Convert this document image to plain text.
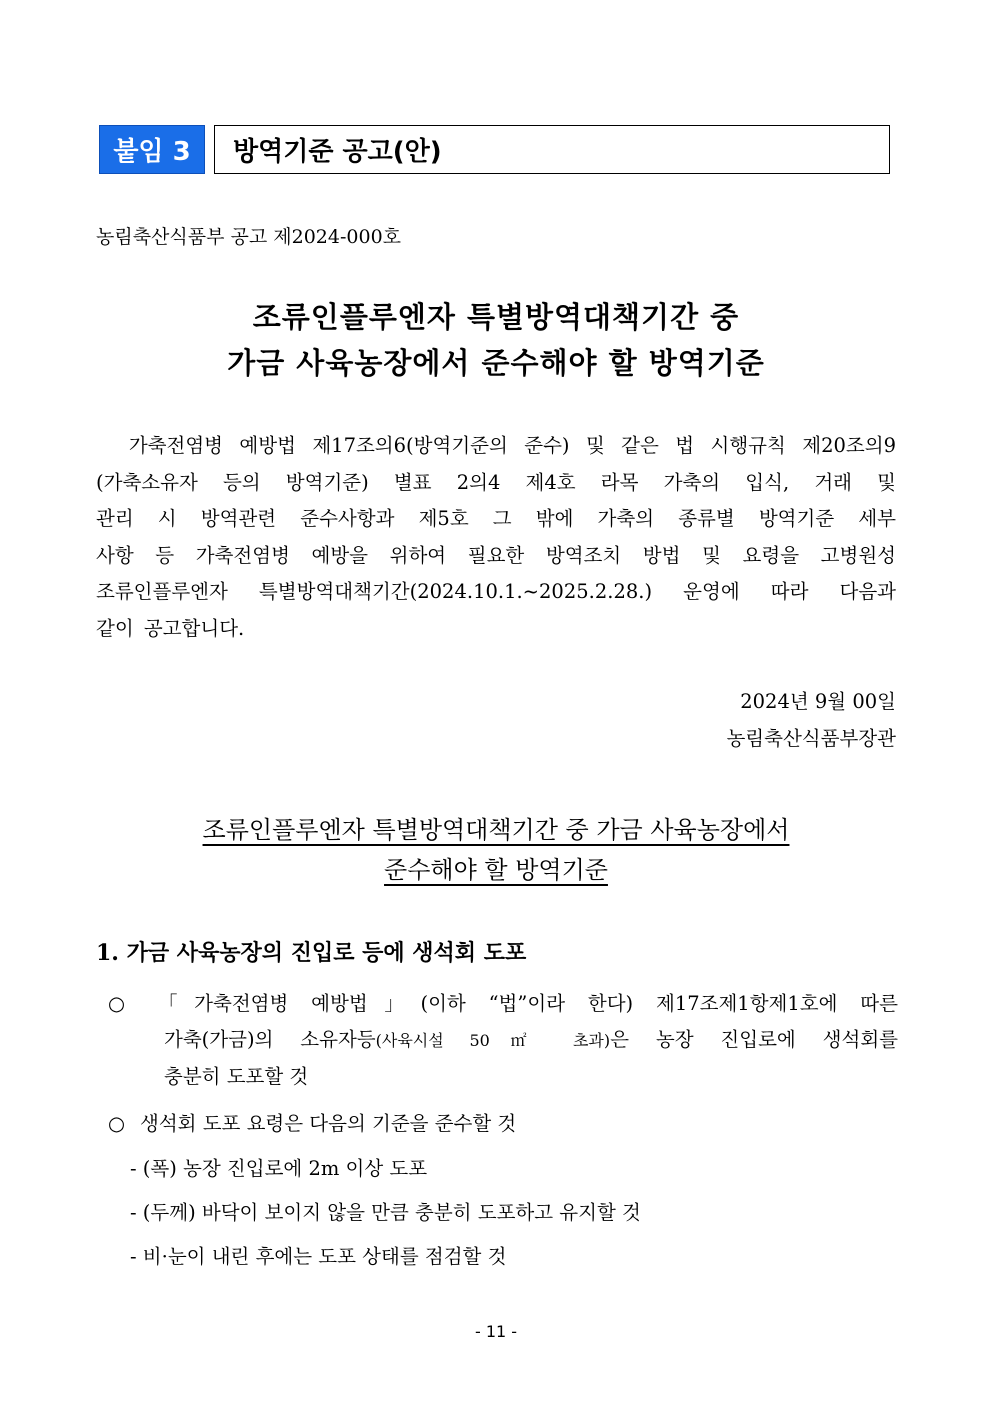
붙임 3	방역기준 공고(안)
농림축산식품부 공고 제2024-000호
조류인플루엔자 특별방역대책기간 중
가금 사육농장에서 준수해야 할 방역기준
가축전염병 예방법 제17조의6(방역기준의 준수) 및 같은 법 시행규칙 제20조의9
(가축소유자 등의 방역기준) 별표 2의4 제4호 라목 가축의 입식, 거래 및
관리 시 방역관련 준수사항과 제5호 그 밖에 가축의 종류별 방역기준 세부
사항 등 가축전염병 예방을 위하여 필요한 방역조치 방법 및 요령을 고병원성
조류인플루엔자 특별방역대책기간(2024.10.1.~2025.2.28.) 운영에 따라 다음과
같이 공고합니다.
2024년 9월 00일
농림축산식품부장관
조류인플루엔자 특별방역대책기간 중 가금 사육농장에서
준수해야 할 방역기준
1. 가금 사육농장의 진입로 등에 생석회 도포
○	「가축전염병 예방법」(이하 “법”이라 한다) 제17조제1항제1호에 따른
가축(가금)의 소유자등(사육시설 50㎡ 초과)은 농장 진입로에 생석회를
충분히 도포할 것
○ 생석회 도포 요령은 다음의 기준을 준수할 것
- (폭) 농장 진입로에 2m 이상 도포
- (두께) 바닥이 보이지 않을 만큼 충분히 도포하고 유지할 것
- 비·눈이 내린 후에는 도포 상태를 점검할 것
- 11 -
